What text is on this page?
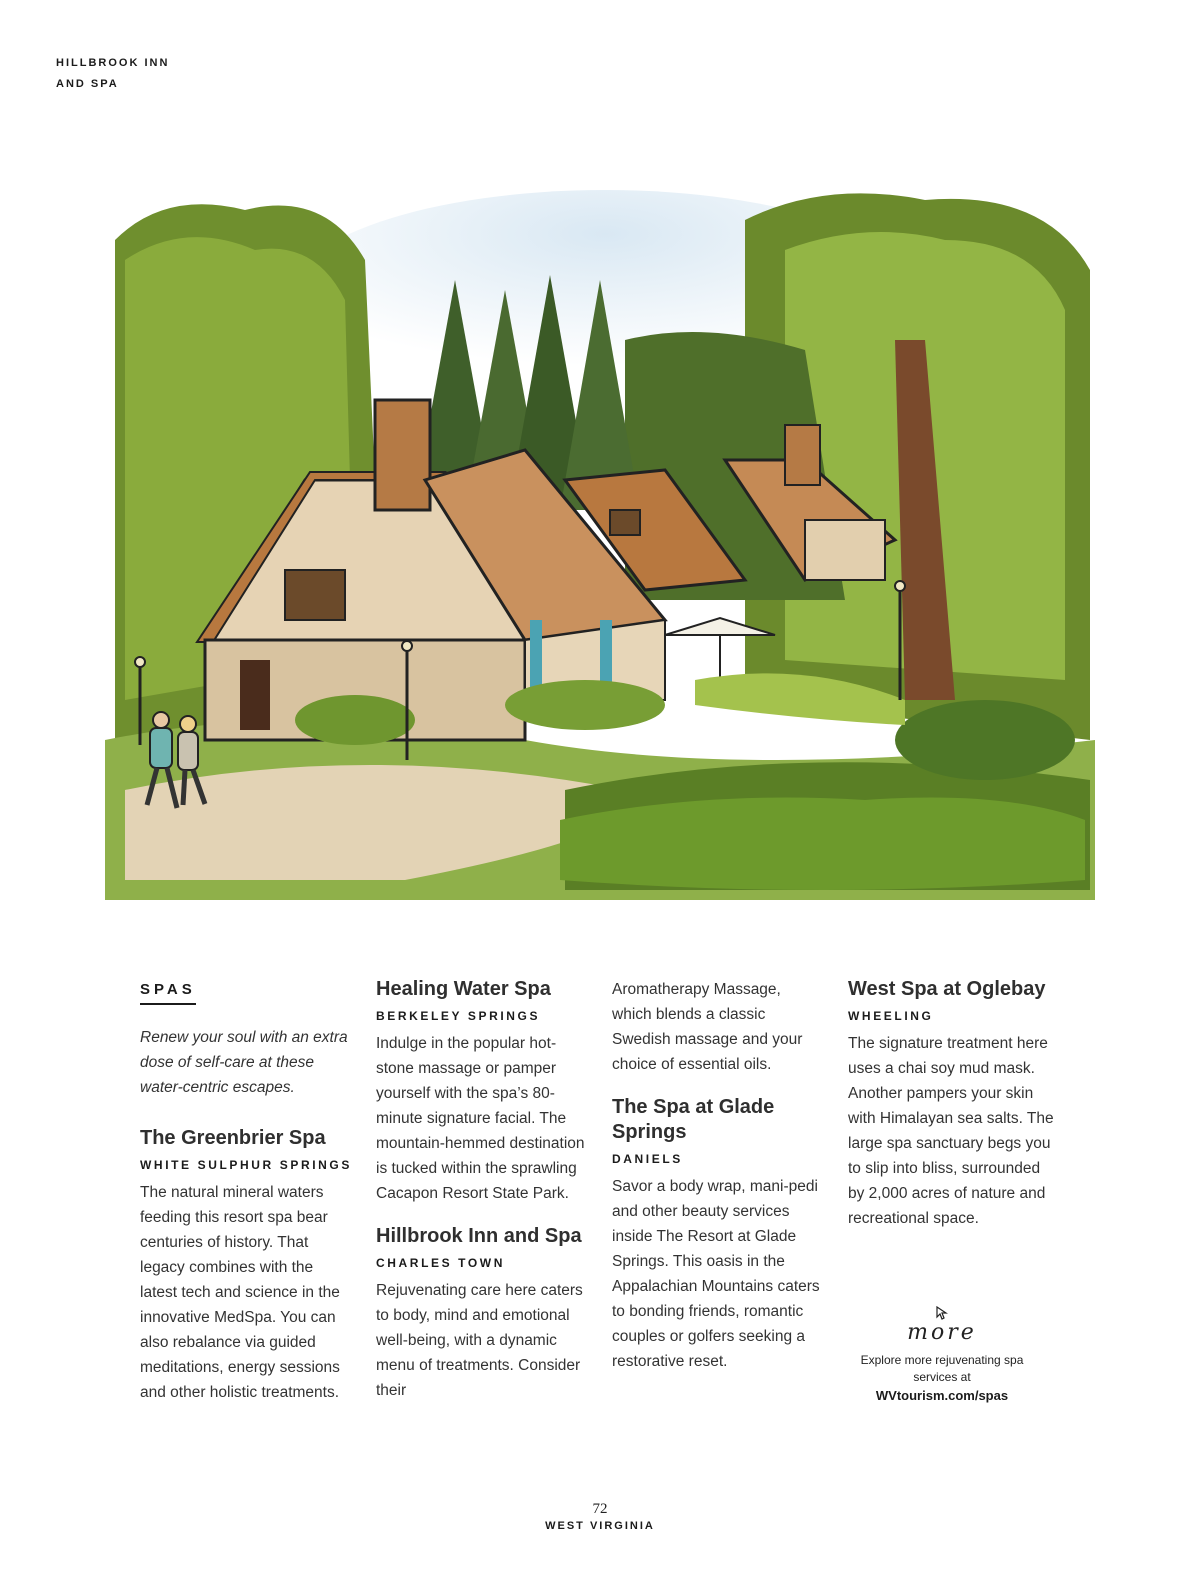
HILLBROOK INN
AND SPA
SPAS

Renew your soul with an extra dose of self-care at these water-centric escapes.

The Greenbrier Spa
WHITE SULPHUR SPRINGS

The natural mineral waters feeding this resort spa bear centuries of history. That legacy combines with the latest tech and science in the innovative MedSpa. You can also rebalance via guided meditations, energy sessions and other holistic treatments.

Healing Water Spa
BERKELEY SPRINGS

Indulge in the popular hot-stone massage or pamper yourself with the spa’s 80-minute signature facial. The mountain-hemmed destination is tucked within the sprawling Cacapon Resort State Park.

Hillbrook Inn and Spa
CHARLES TOWN

Rejuvenating care here caters to body, mind and emotional well-being, with a dynamic menu of treatments. Consider their

Aromatherapy Massage, which blends a classic Swedish massage and your choice of essential oils.

The Spa at Glade Springs
DANIELS

Savor a body wrap, mani-pedi and other beauty services inside The Resort at Glade Springs. This oasis in the Appalachian Mountains caters to bonding friends, romantic couples or golfers seeking a restorative reset.

West Spa at Oglebay
WHEELING

The signature treatment here uses a chai soy mud mask. Another pampers your skin with Himalayan sea salts. The large spa sanctuary begs you to slip into bliss, surrounded by 2,000 acres of nature and recreational space.

more
Explore more rejuvenating spa services at
WVtourism.com/spas
72
WEST VIRGINIA
